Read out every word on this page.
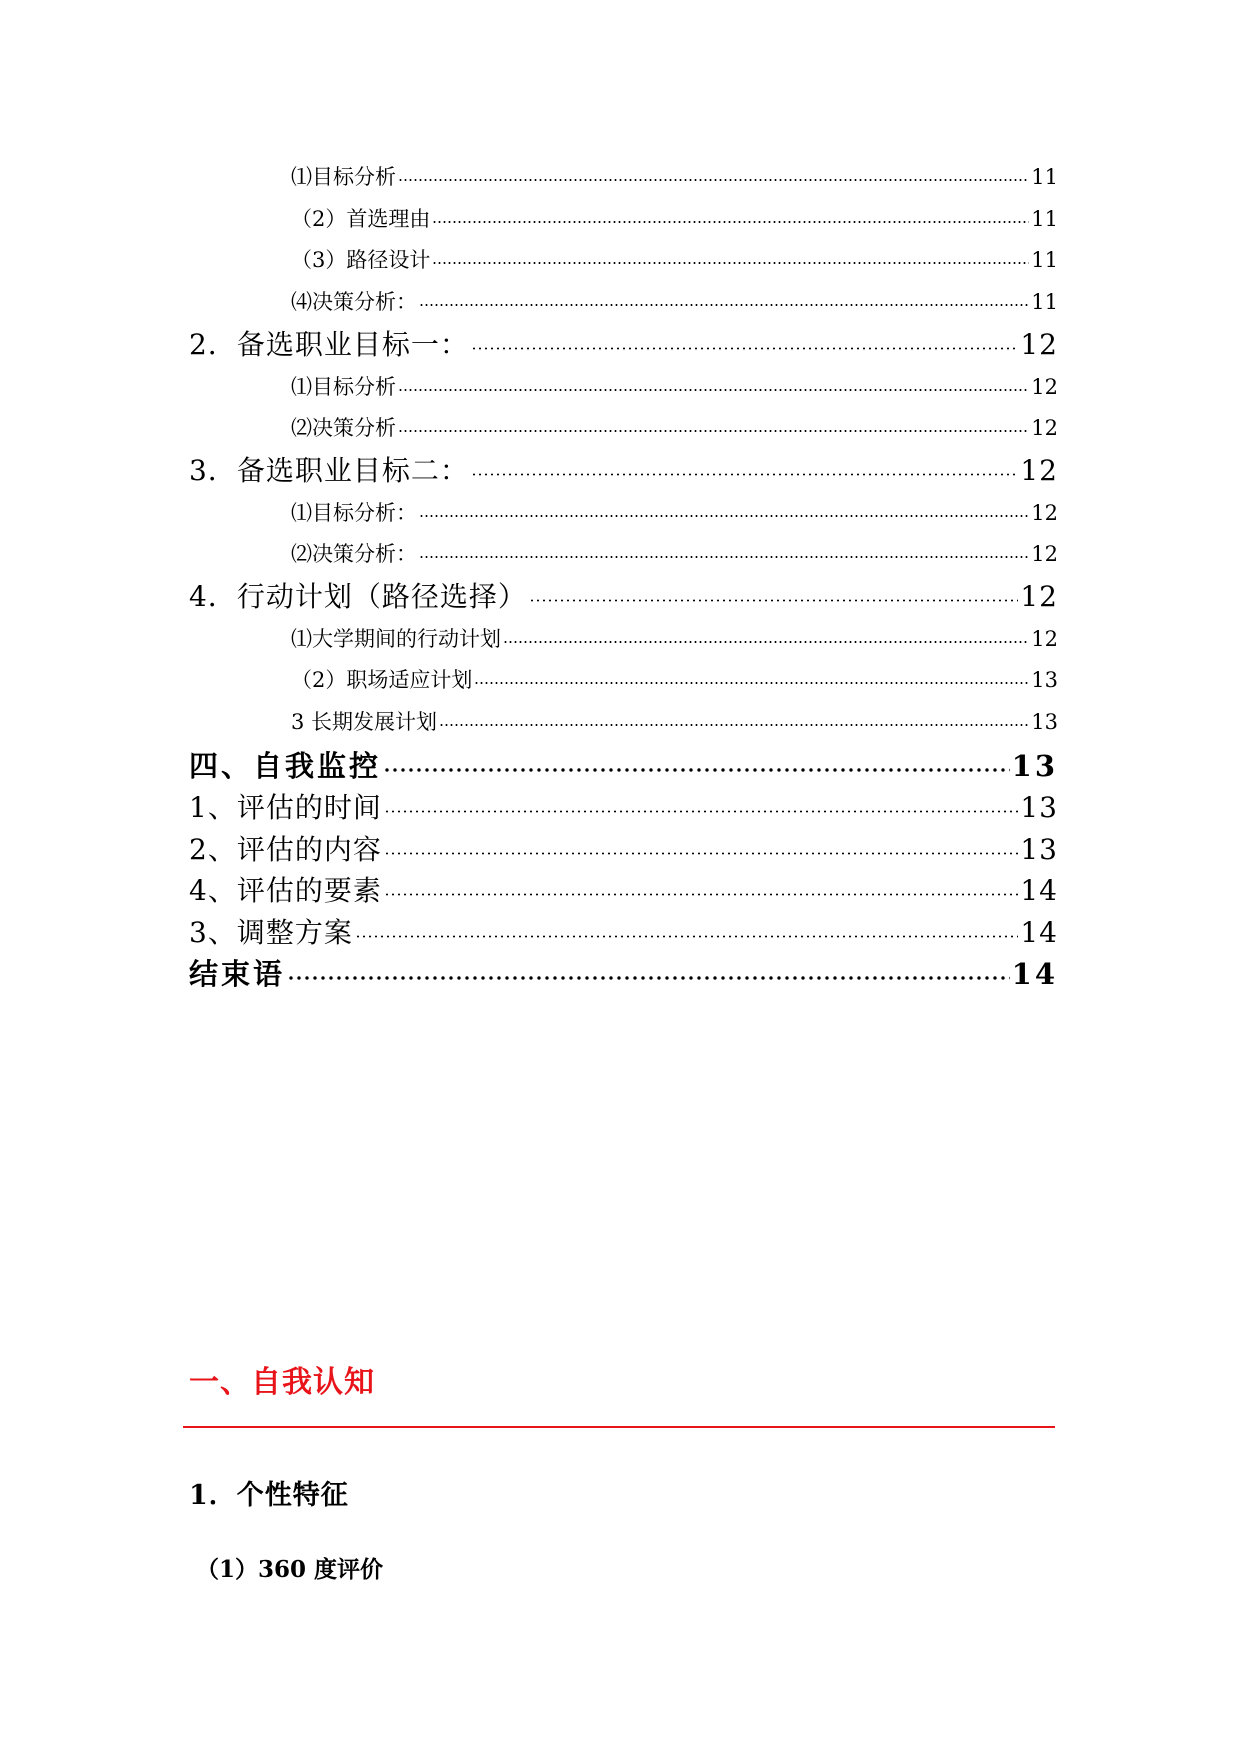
⑴目标分析	11
（2）首选理由	11
（3）路径设计	11
⑷决策分析：	11
2．备选职业目标一：	12
⑴目标分析	12
⑵决策分析	12
3．备选职业目标二：	12
⑴目标分析：	12
⑵决策分析：	12
4．行动计划（路径选择）	12
⑴大学期间的行动计划	12
（2）职场适应计划	13
3 长期发展计划	13
四、自我监控	13
1、评估的时间	13
2、评估的内容	13
4、评估的要素	14
3、调整方案	14
结束语	14
一、自我认知
1．个性特征
（1）360 度评价
